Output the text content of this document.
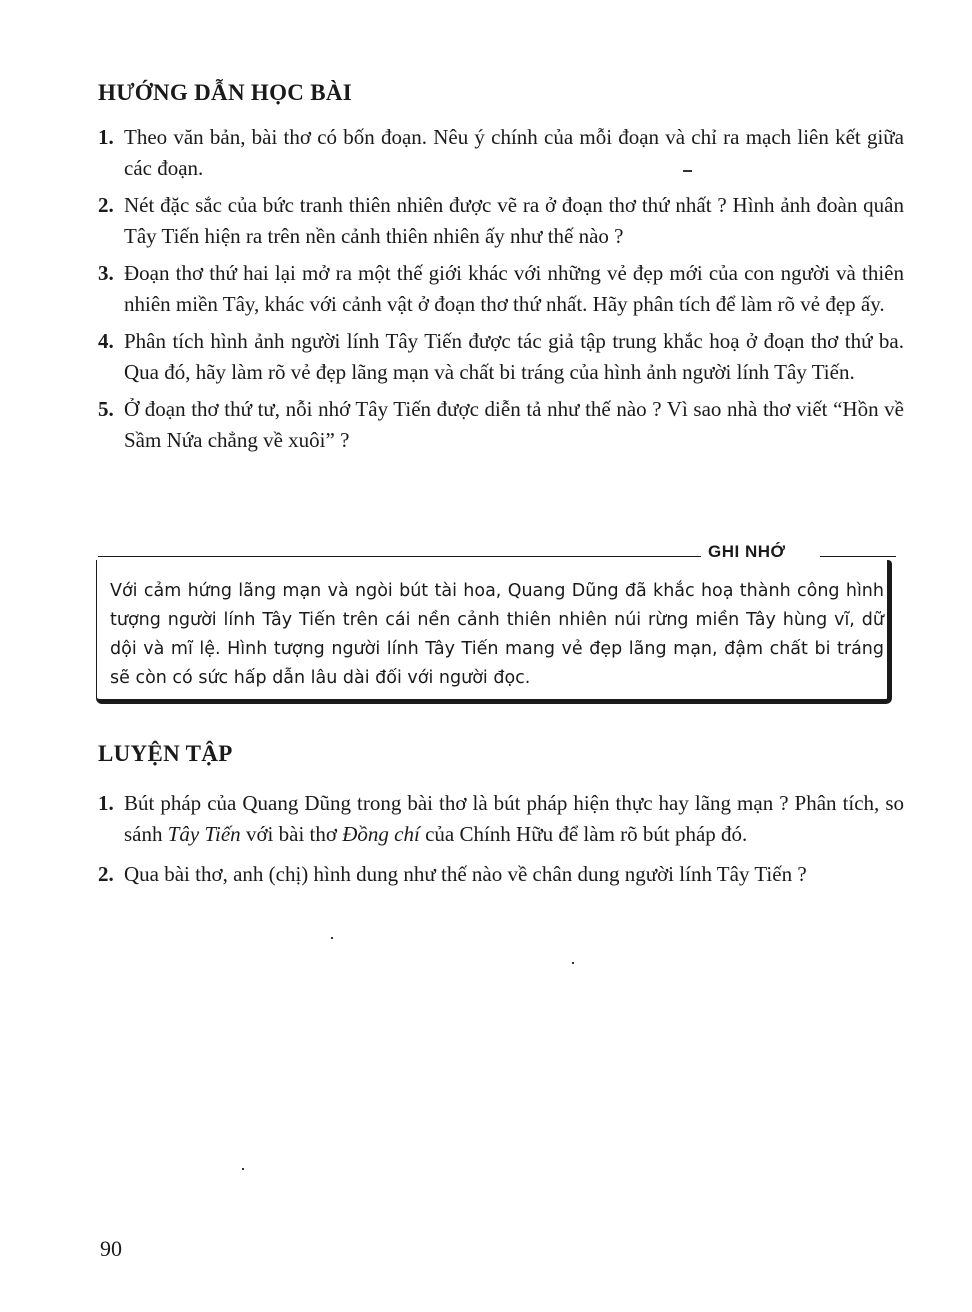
HƯỚNG DẪN HỌC BÀI
1. Theo văn bản, bài thơ có bốn đoạn. Nêu ý chính của mỗi đoạn và chỉ ra mạch liên kết giữa các đoạn.
2. Nét đặc sắc của bức tranh thiên nhiên được vẽ ra ở đoạn thơ thứ nhất ? Hình ảnh đoàn quân Tây Tiến hiện ra trên nền cảnh thiên nhiên ấy như thế nào ?
3. Đoạn thơ thứ hai lại mở ra một thế giới khác với những vẻ đẹp mới của con người và thiên nhiên miền Tây, khác với cảnh vật ở đoạn thơ thứ nhất. Hãy phân tích để làm rõ vẻ đẹp ấy.
4. Phân tích hình ảnh người lính Tây Tiến được tác giả tập trung khắc hoạ ở đoạn thơ thứ ba. Qua đó, hãy làm rõ vẻ đẹp lãng mạn và chất bi tráng của hình ảnh người lính Tây Tiến.
5. Ở đoạn thơ thứ tư, nỗi nhớ Tây Tiến được diễn tả như thế nào ? Vì sao nhà thơ viết “Hồn về Sầm Nứa chẳng về xuôi” ?
GHI NHỚ

Với cảm hứng lãng mạn và ngòi bút tài hoa, Quang Dũng đã khắc hoạ thành công hình tượng người lính Tây Tiến trên cái nền cảnh thiên nhiên núi rừng miền Tây hùng vĩ, dữ dội và mĩ lệ. Hình tượng người lính Tây Tiến mang vẻ đẹp lãng mạn, đậm chất bi tráng sẽ còn có sức hấp dẫn lâu dài đối với người đọc.

LUYỆN TẬP
1. Bút pháp của Quang Dũng trong bài thơ là bút pháp hiện thực hay lãng mạn ? Phân tích, so sánh Tây Tiến với bài thơ Đồng chí của Chính Hữu để làm rõ bút pháp đó.
2. Qua bài thơ, anh (chị) hình dung như thế nào về chân dung người lính Tây Tiến ?
90
